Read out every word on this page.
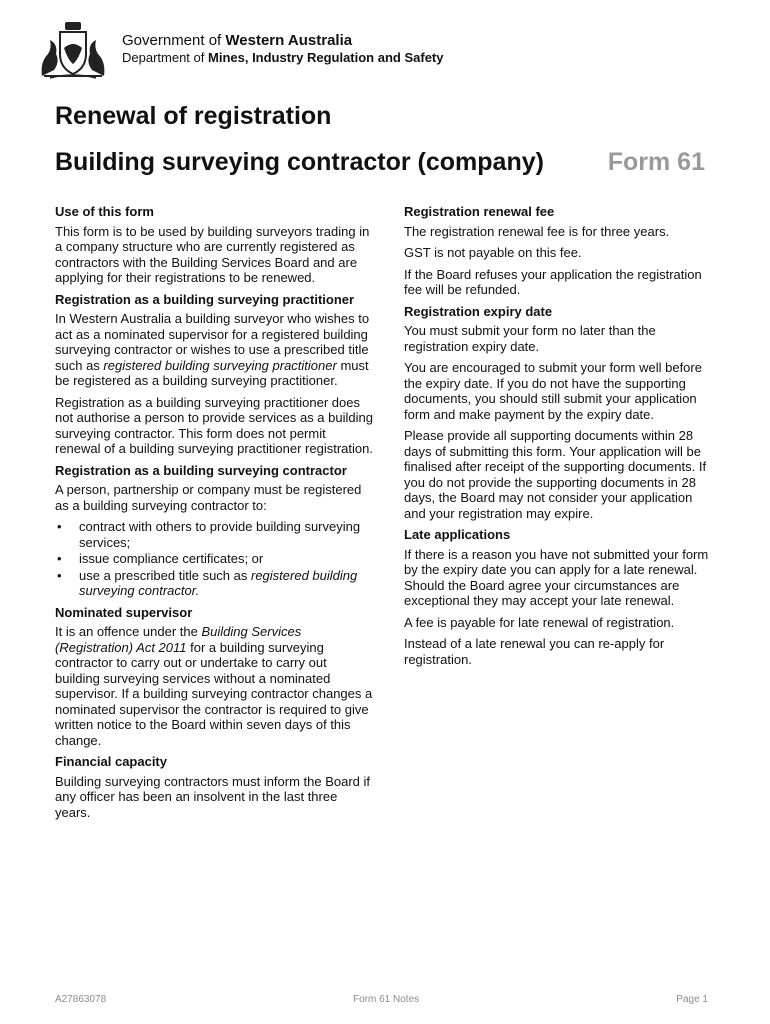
Government of Western Australia
Department of Mines, Industry Regulation and Safety
Renewal of registration
Building surveying contractor (company)	Form 61
Use of this form
This form is to be used by building surveyors trading in a company structure who are currently registered as contractors with the Building Services Board and are applying for their registrations to be renewed.
Registration as a building surveying practitioner
In Western Australia a building surveyor who wishes to act as a nominated supervisor for a registered building surveying contractor or wishes to use a prescribed title such as registered building surveying practitioner must be registered as a building surveying practitioner.
Registration as a building surveying practitioner does not authorise a person to provide services as a building surveying contractor. This form does not permit renewal of a building surveying practitioner registration.
Registration as a building surveying contractor
A person, partnership or company must be registered as a building surveying contractor to:
• contract with others to provide building surveying services;
• issue compliance certificates; or
• use a prescribed title such as registered building surveying contractor.
Nominated supervisor
It is an offence under the Building Services (Registration) Act 2011 for a building surveying contractor to carry out or undertake to carry out building surveying services without a nominated supervisor. If a building surveying contractor changes a nominated supervisor the contractor is required to give written notice to the Board within seven days of this change.
Financial capacity
Building surveying contractors must inform the Board if any officer has been an insolvent in the last three years.
Registration renewal fee
The registration renewal fee is for three years.
GST is not payable on this fee.
If the Board refuses your application the registration fee will be refunded.
Registration expiry date
You must submit your form no later than the registration expiry date.
You are encouraged to submit your form well before the expiry date. If you do not have the supporting documents, you should still submit your application form and make payment by the expiry date.
Please provide all supporting documents within 28 days of submitting this form. Your application will be finalised after receipt of the supporting documents. If you do not provide the supporting documents in 28 days, the Board may not consider your application and your registration may expire.
Late applications
If there is a reason you have not submitted your form by the expiry date you can apply for a late renewal. Should the Board agree your circumstances are exceptional they may accept your late renewal.
A fee is payable for late renewal of registration.
Instead of a late renewal you can re-apply for registration.
A27863078	Form 61 Notes	Page 1
